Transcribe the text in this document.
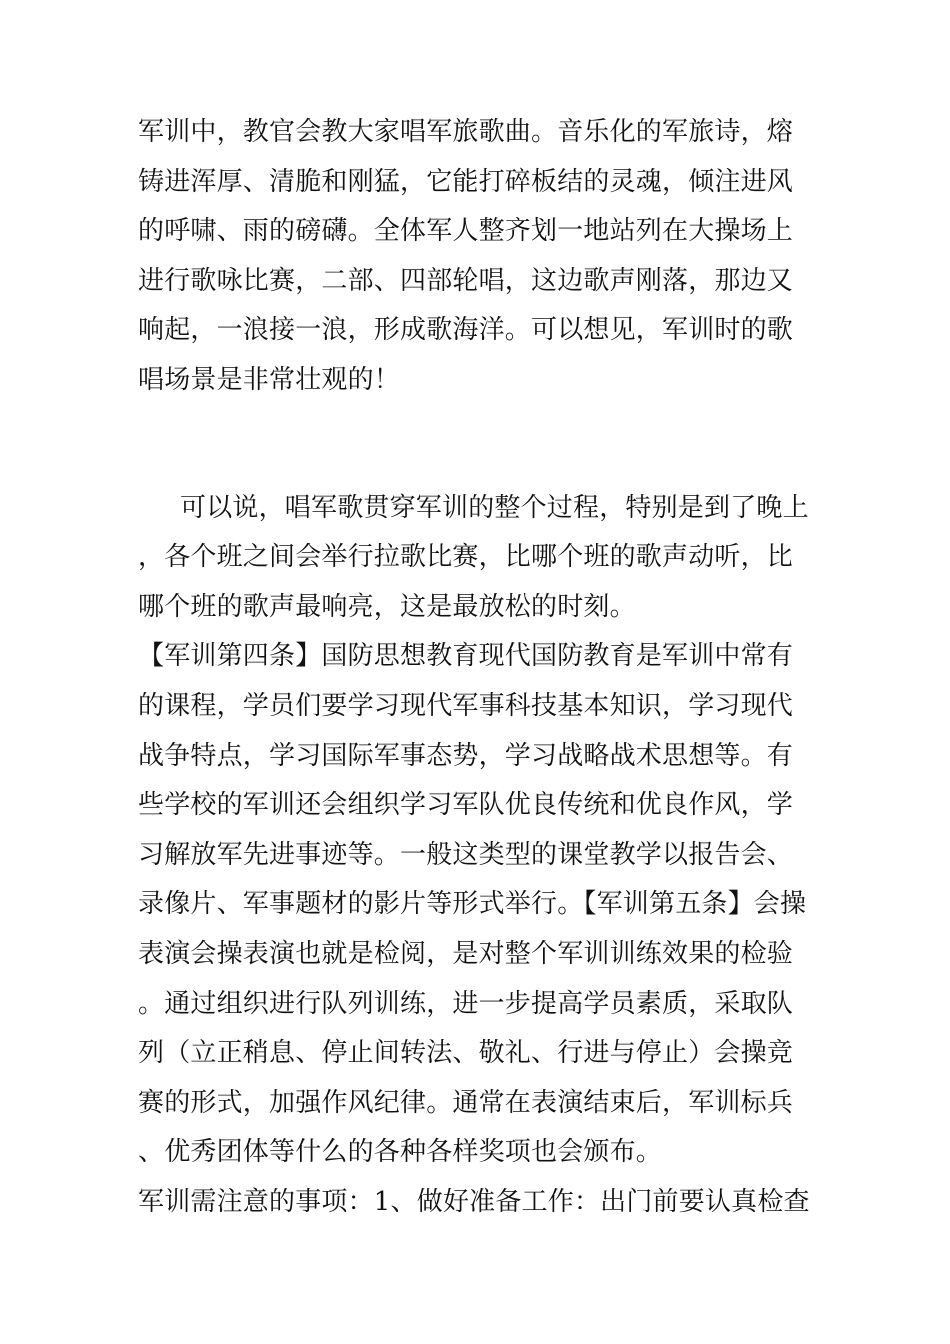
军训中，教官会教大家唱军旅歌曲。音乐化的军旅诗，熔铸进浑厚、清脆和刚猛，它能打碎板结的灵魂，倾注进风的呼啸、雨的磅礴。全体军人整齐划一地站列在大操场上进行歌咏比赛，二部、四部轮唱，这边歌声刚落，那边又响起，一浪接一浪，形成歌海洋。可以想见，军训时的歌唱场景是非常壮观的！

可以说，唱军歌贯穿军训的整个过程，特别是到了晚上，各个班之间会举行拉歌比赛，比哪个班的歌声动听，比哪个班的歌声最响亮，这是最放松的时刻。

【军训第四条】国防思想教育现代国防教育是军训中常有的课程，学员们要学习现代军事科技基本知识，学习现代战争特点，学习国际军事态势，学习战略战术思想等。有些学校的军训还会组织学习军队优良传统和优良作风，学习解放军先进事迹等。一般这类型的课堂教学以报告会、录像片、军事题材的影片等形式举行。【军训第五条】会操表演会操表演也就是检阅，是对整个军训训练效果的检验。通过组织进行队列训练，进一步提高学员素质，采取队列（立正稍息、停止间转法、敬礼、行进与停止）会操竞赛的形式，加强作风纪律。通常在表演结束后，军训标兵、优秀团体等什么的各种各样奖项也会颁布。

军训需注意的事项：1、做好准备工作：出门前要认真检查
